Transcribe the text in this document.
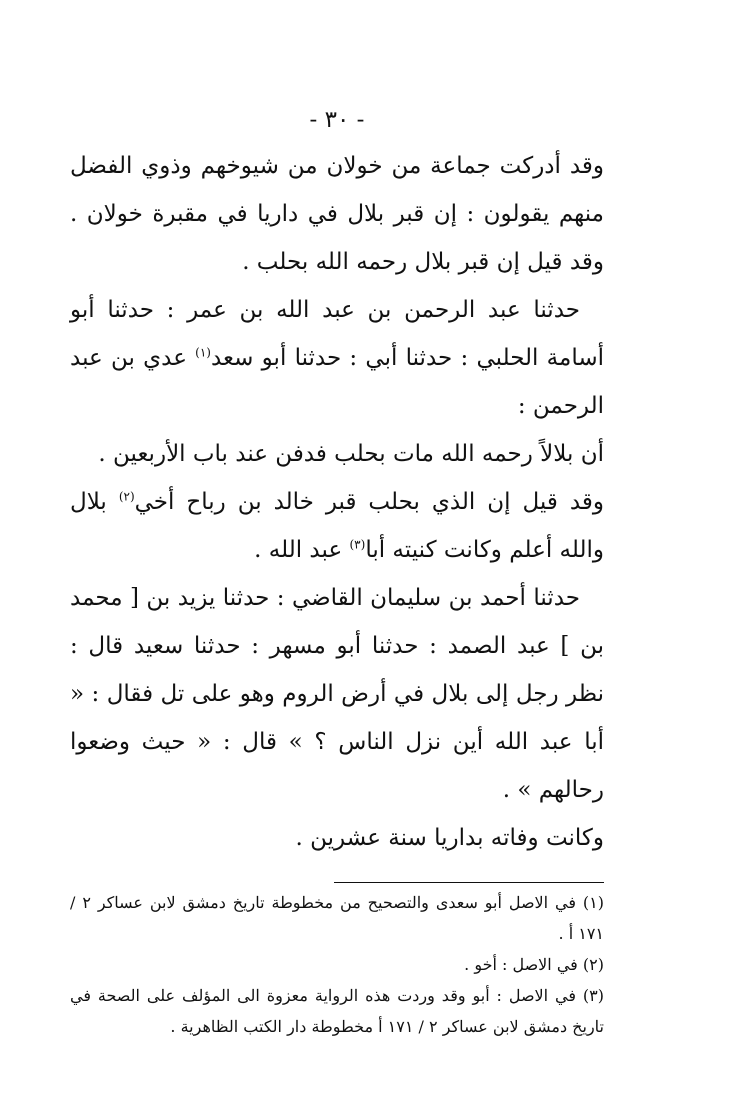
- ٣٠ -

وقد أدركت جماعة من خولان من شيوخهم وذوي الفضل منهم يقولون : إن قبر بلال في داريا في مقبرة خولان . وقد قيل إن قبر بلال رحمه الله بحلب .

حدثنا عبد الرحمن بن عبد الله بن عمر : حدثنا أبو أسامة الحلبي : حدثنا أبي : حدثنا أبو سعد$^{(١)}$ عدي بن عبد الرحمن :

أن بلالاً رحمه الله مات بحلب فدفن عند باب الأربعين .

وقد قيل إن الذي بحلب قبر خالد بن رباح أخي$^{(٢)}$ بلال والله أعلم وكانت كنيته أبا$^{(٣)}$ عبد الله .

حدثنا أحمد بن سليمان القاضي : حدثنا يزيد بن [ محمد بن ] عبد الصمد : حدثنا أبو مسهر : حدثنا سعيد قال : نظر رجل إلى بلال في أرض الروم وهو على تل فقال : « أبا عبد الله أين نزل الناس ؟ » قال : « حيث وضعوا رحالهم » .

وكانت وفاته بداريا سنة عشرين .

(١) في الاصل أبو سعدى والتصحيح من مخطوطة تاريخ دمشق لابن عساكر ٢ / ١٧١ أ .

(٢) في الاصل : أخو .

(٣) في الاصل : أبو وقد وردت هذه الرواية معزوة الى المؤلف على الصحة في تاريخ دمشق لابن عساكر ٢ / ١٧١ أ مخطوطة دار الكتب الظاهرية .
